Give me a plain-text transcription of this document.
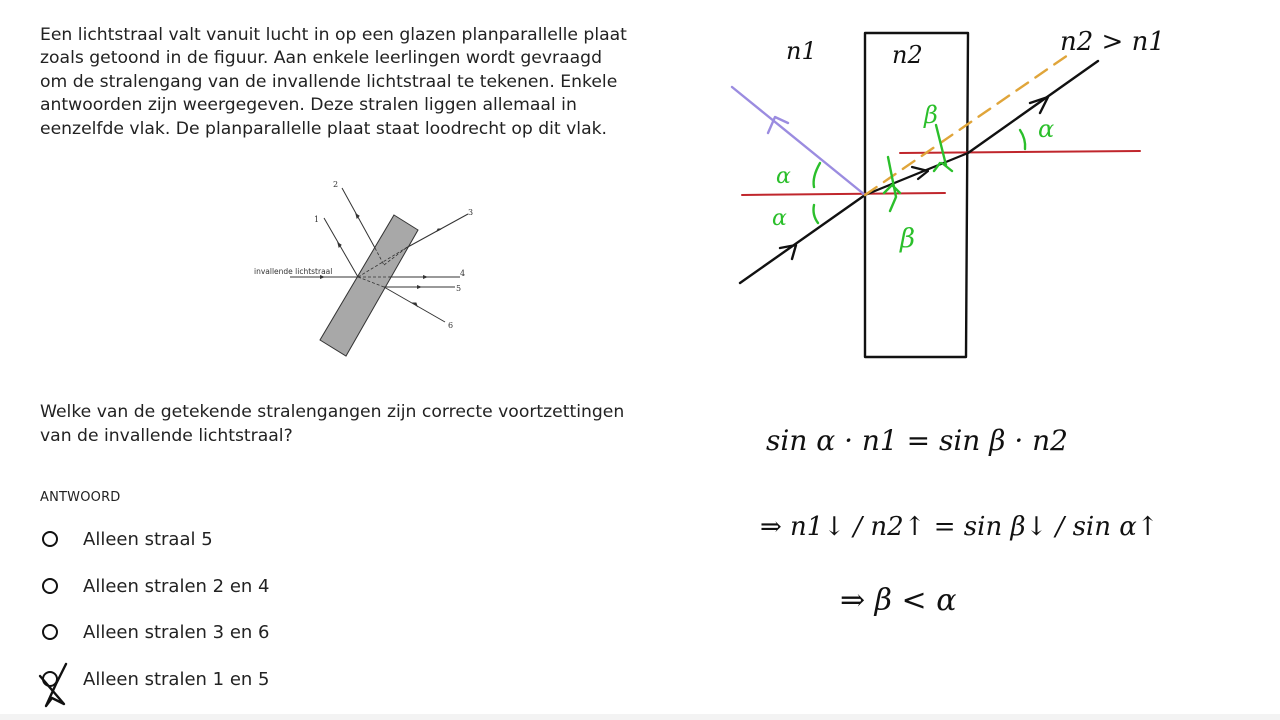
Een lichtstraal valt vanuit lucht in op een glazen planparallelle plaat

zoals getoond in de figuur. Aan enkele leerlingen wordt gevraagd

om de stralengang van de invallende lichtstraal te tekenen. Enkele

antwoorden zijn weergegeven. Deze stralen liggen allemaal in

eenzelfde vlak. De planparallelle plaat staat loodrecht op dit vlak.

invallende lichtstraal
1
2
3
4
5
6
Welke van de getekende stralengangen zijn correcte voortzettingen
van de invallende lichtstraal?
ANTWOORD
Alleen straal 5
Alleen stralen 2 en 4
Alleen stralen 3 en 6
Alleen stralen 1 en 5
α
α
α
β
β
n1	n2	n2 > n1
sin α · n1 = sin β · n2
⇒ n1↓ / n2↑ = sin β↓ / sin α↑
⇒ β < α
